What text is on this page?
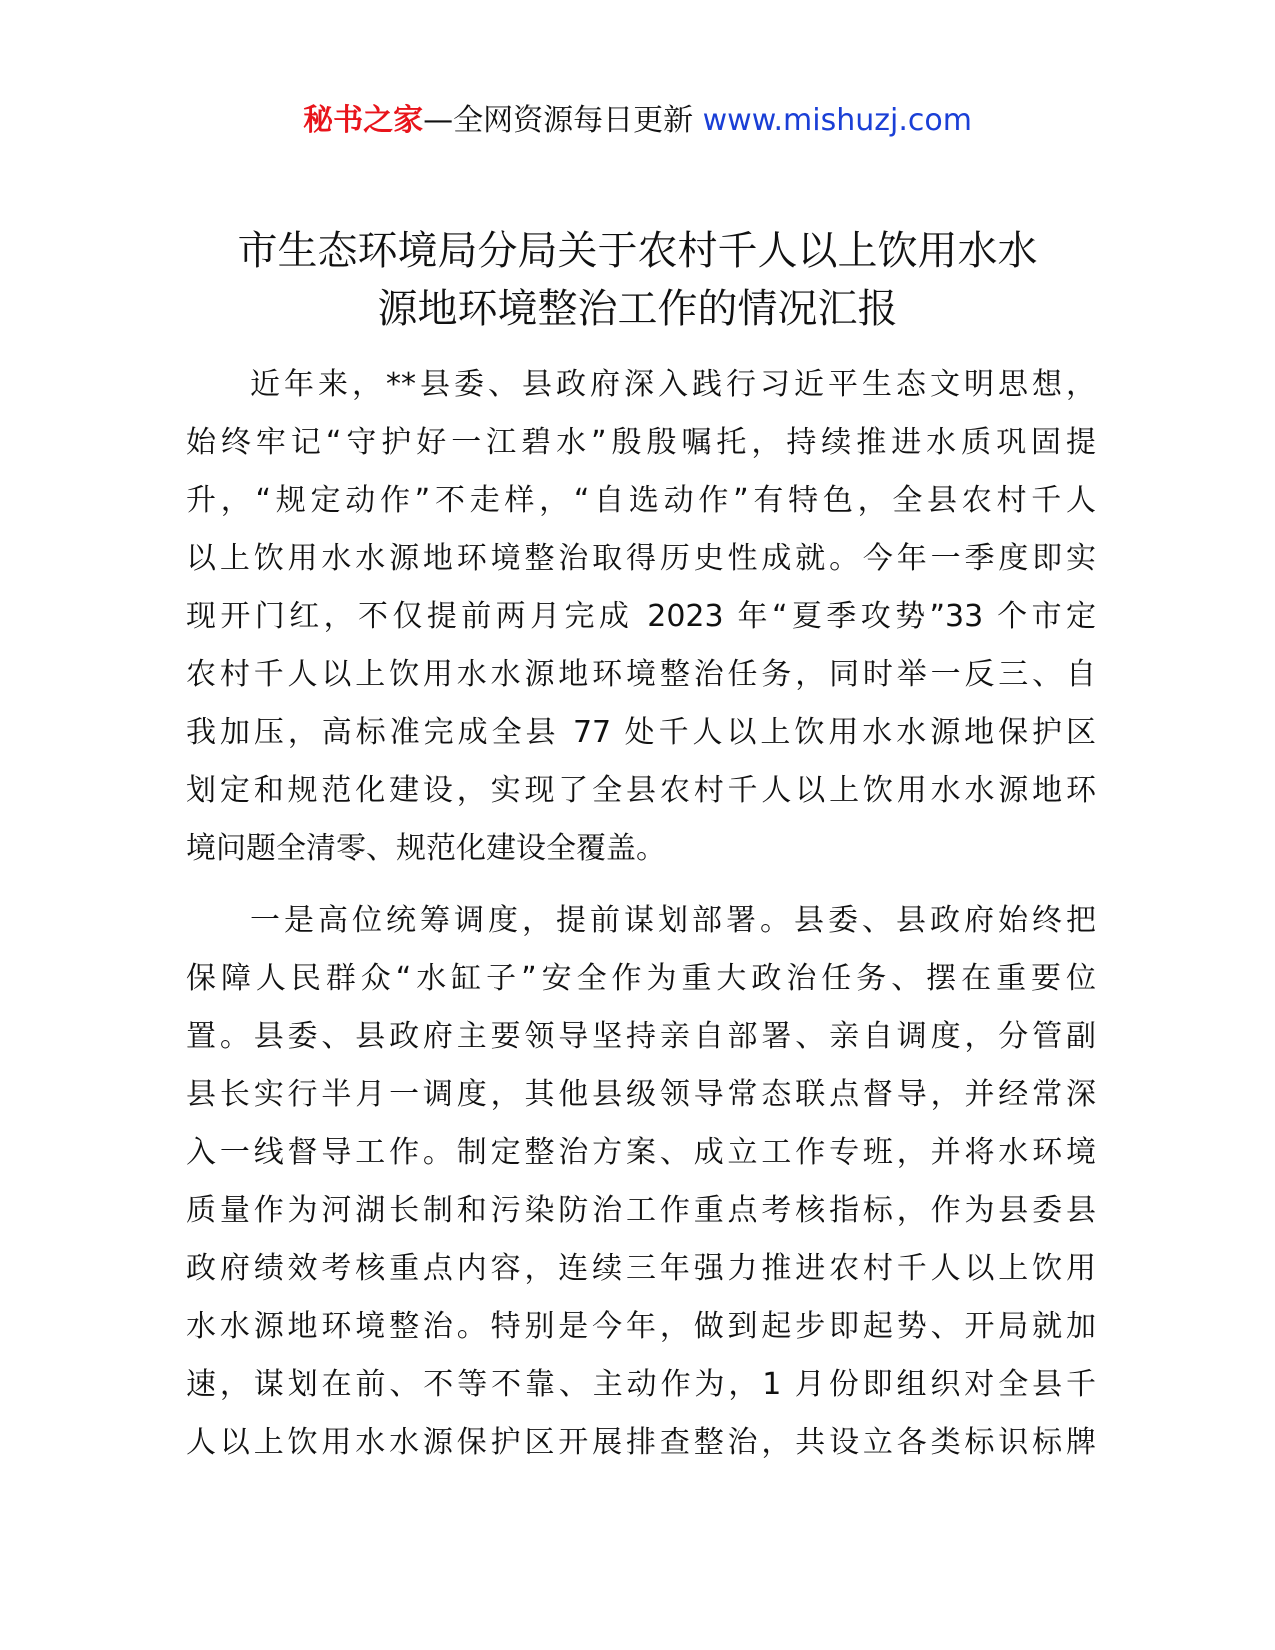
秘书之家—全网资源每日更新 www.mishuzj.com
市生态环境局分局关于农村千人以上饮用水水
源地环境整治工作的情况汇报

近年来，**县委、县政府深入践行习近平生态文明思想，
始终牢记“守护好一江碧水”殷殷嘱托，持续推进水质巩固提
升，“规定动作”不走样，“自选动作”有特色，全县农村千人
以上饮用水水源地环境整治取得历史性成就。今年一季度即实
现开门红，不仅提前两月完成 2023 年“夏季攻势”33 个市定
农村千人以上饮用水水源地环境整治任务，同时举一反三、自
我加压，高标准完成全县 77 处千人以上饮用水水源地保护区
划定和规范化建设，实现了全县农村千人以上饮用水水源地环
境问题全清零、规范化建设全覆盖。

一是高位统筹调度，提前谋划部署。县委、县政府始终把
保障人民群众“水缸子”安全作为重大政治任务、摆在重要位
置。县委、县政府主要领导坚持亲自部署、亲自调度，分管副
县长实行半月一调度，其他县级领导常态联点督导，并经常深
入一线督导工作。制定整治方案、成立工作专班，并将水环境
质量作为河湖长制和污染防治工作重点考核指标，作为县委县
政府绩效考核重点内容，连续三年强力推进农村千人以上饮用
水水源地环境整治。特别是今年，做到起步即起势、开局就加
速，谋划在前、不等不靠、主动作为，1 月份即组织对全县千
人以上饮用水水源保护区开展排查整治，共设立各类标识标牌
